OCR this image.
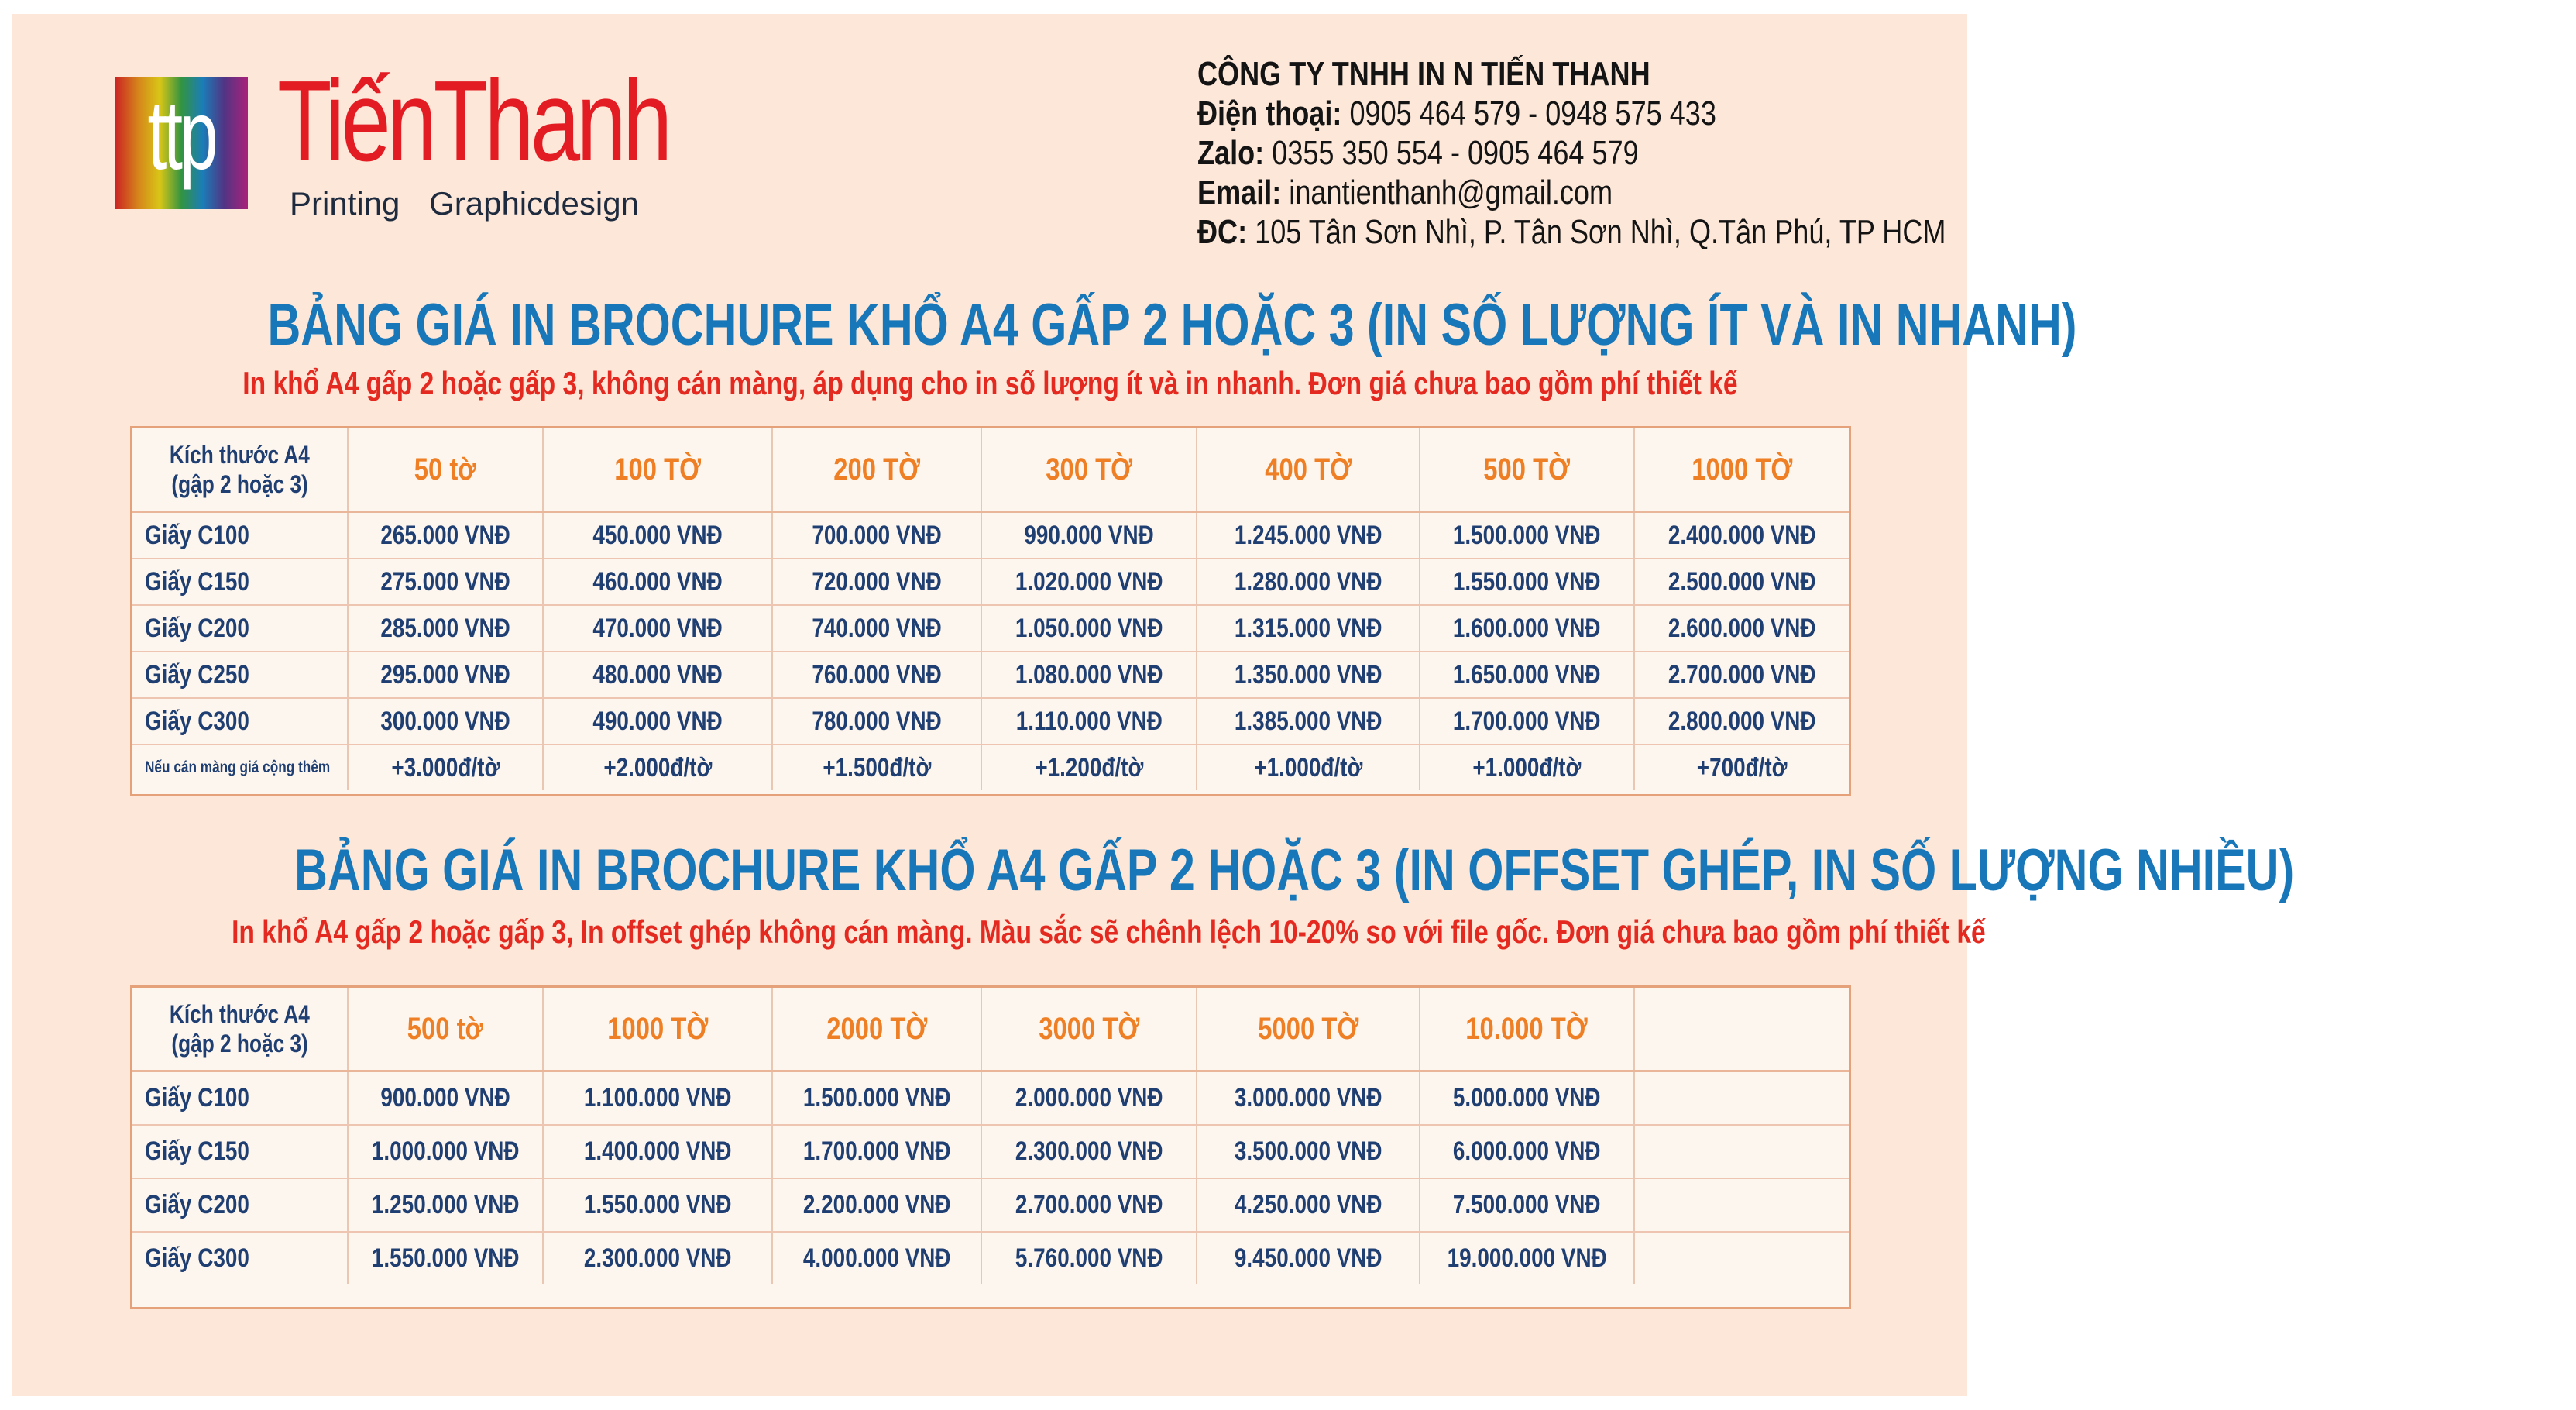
ttp TiếnThanh
Printing Graphicdesign
CÔNG TY TNHH IN N TIẾN THANH
Điện thoại: 0905 464 579 - 0948 575 433
Zalo: 0355 350 554 - 0905 464 579
Email: inantienthanh@gmail.com
ĐC: 105 Tân Sơn Nhì, P. Tân Sơn Nhì, Q.Tân Phú, TP HCM
BẢNG GIÁ IN BROCHURE KHỔ A4 GẤP 2 HOẶC 3 (IN SỐ LƯỢNG ÍT VÀ IN NHANH)
In khổ A4 gấp 2 hoặc gấp 3, không cán màng, áp dụng cho in số lượng ít và in nhanh. Đơn giá chưa bao gồm phí thiết kế
Kích thước A4
(gập 2 hoặc 3)	50 tờ	100 TỜ	200 TỜ	300 TỜ	400 TỜ	500 TỜ	1000 TỜ
Giấy C100	265.000 VNĐ	450.000 VNĐ	700.000 VNĐ	990.000 VNĐ	1.245.000 VNĐ	1.500.000 VNĐ	2.400.000 VNĐ
Giấy C150	275.000 VNĐ	460.000 VNĐ	720.000 VNĐ	1.020.000 VNĐ	1.280.000 VNĐ	1.550.000 VNĐ	2.500.000 VNĐ
Giấy C200	285.000 VNĐ	470.000 VNĐ	740.000 VNĐ	1.050.000 VNĐ	1.315.000 VNĐ	1.600.000 VNĐ	2.600.000 VNĐ
Giấy C250	295.000 VNĐ	480.000 VNĐ	760.000 VNĐ	1.080.000 VNĐ	1.350.000 VNĐ	1.650.000 VNĐ	2.700.000 VNĐ
Giấy C300	300.000 VNĐ	490.000 VNĐ	780.000 VNĐ	1.110.000 VNĐ	1.385.000 VNĐ	1.700.000 VNĐ	2.800.000 VNĐ
Nếu cán màng giá cộng thêm	+3.000đ/tờ	+2.000đ/tờ	+1.500đ/tờ	+1.200đ/tờ	+1.000đ/tờ	+1.000đ/tờ	+700đ/tờ
BẢNG GIÁ IN BROCHURE KHỔ A4 GẤP 2 HOẶC 3 (IN OFFSET GHÉP, IN SỐ LƯỢNG NHIỀU)
In khổ A4 gấp 2 hoặc gấp 3, In offset ghép không cán màng. Màu sắc sẽ chênh lệch 10-20% so với file gốc. Đơn giá chưa bao gồm phí thiết kế
Kích thước A4
(gập 2 hoặc 3)	500 tờ	1000 TỜ	2000 TỜ	3000 TỜ	5000 TỜ	10.000 TỜ	
Giấy C100	900.000 VNĐ	1.100.000 VNĐ	1.500.000 VNĐ	2.000.000 VNĐ	3.000.000 VNĐ	5.000.000 VNĐ	
Giấy C150	1.000.000 VNĐ	1.400.000 VNĐ	1.700.000 VNĐ	2.300.000 VNĐ	3.500.000 VNĐ	6.000.000 VNĐ	
Giấy C200	1.250.000 VNĐ	1.550.000 VNĐ	2.200.000 VNĐ	2.700.000 VNĐ	4.250.000 VNĐ	7.500.000 VNĐ	
Giấy C300	1.550.000 VNĐ	2.300.000 VNĐ	4.000.000 VNĐ	5.760.000 VNĐ	9.450.000 VNĐ	19.000.000 VNĐ	
